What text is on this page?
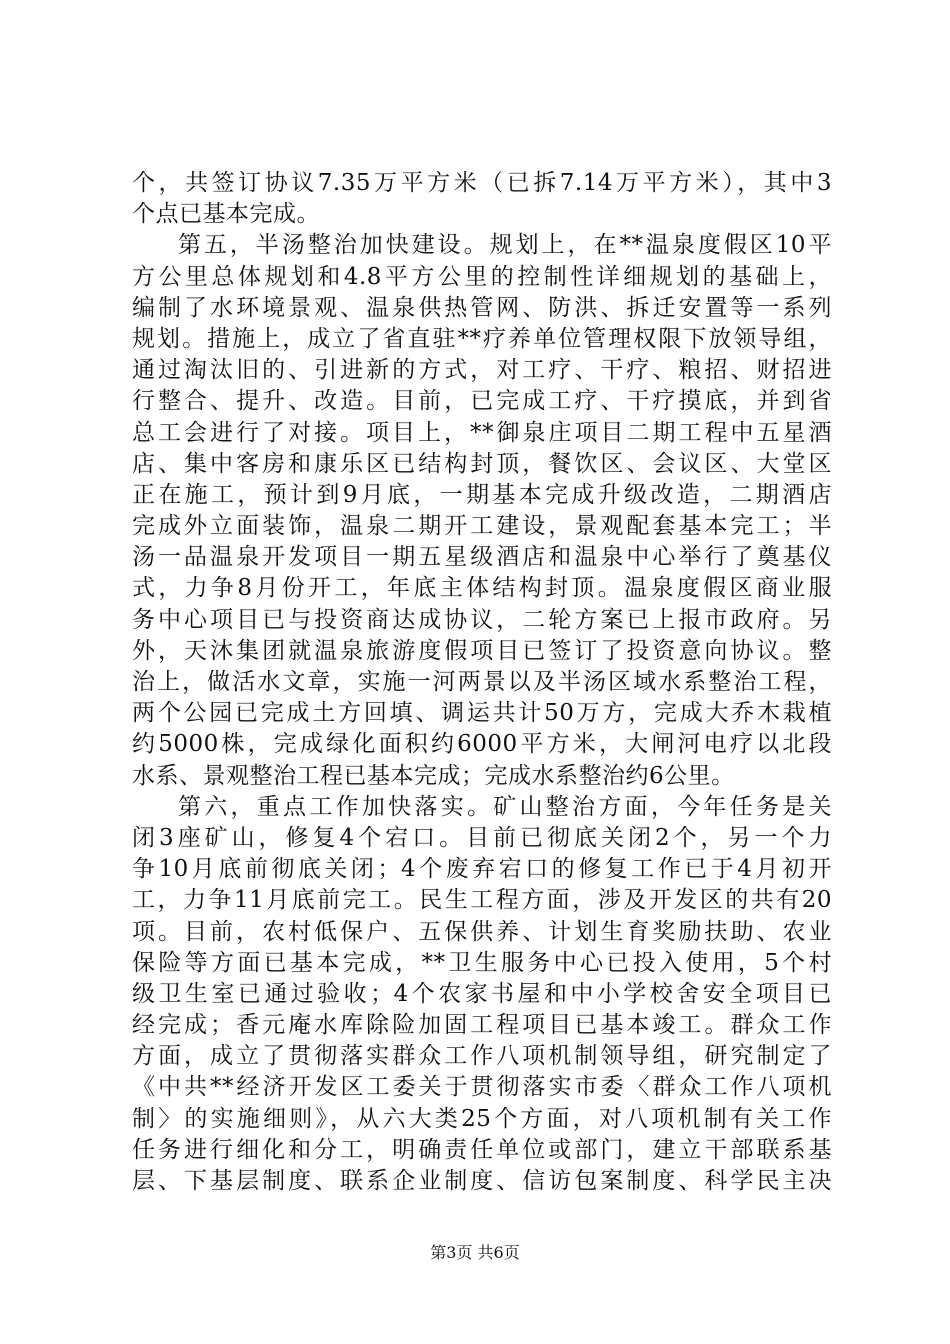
个，共签订协议7.35万平方米（已拆7.14万平方米），其中3
个点已基本完成。
第五，半汤整治加快建设。规划上，在**温泉度假区10平
方公里总体规划和4.8平方公里的控制性详细规划的基础上，
编制了水环境景观、温泉供热管网、防洪、拆迁安置等一系列
规划。措施上，成立了省直驻**疗养单位管理权限下放领导组，
通过淘汰旧的、引进新的方式，对工疗、干疗、粮招、财招进
行整合、提升、改造。目前，已完成工疗、干疗摸底，并到省
总工会进行了对接。项目上，**御泉庄项目二期工程中五星酒
店、集中客房和康乐区已结构封顶，餐饮区、会议区、大堂区
正在施工，预计到9月底，一期基本完成升级改造，二期酒店
完成外立面装饰，温泉二期开工建设，景观配套基本完工；半
汤一品温泉开发项目一期五星级酒店和温泉中心举行了奠基仪
式，力争8月份开工，年底主体结构封顶。温泉度假区商业服
务中心项目已与投资商达成协议，二轮方案已上报市政府。另
外，天沐集团就温泉旅游度假项目已签订了投资意向协议。整
治上，做活水文章，实施一河两景以及半汤区域水系整治工程，
两个公园已完成土方回填、调运共计50万方，完成大乔木栽植
约5000株，完成绿化面积约6000平方米，大闸河电疗以北段
水系、景观整治工程已基本完成；完成水系整治约6公里。
第六，重点工作加快落实。矿山整治方面，今年任务是关
闭3座矿山，修复4个宕口。目前已彻底关闭2个，另一个力
争10月底前彻底关闭；4个废弃宕口的修复工作已于4月初开
工，力争11月底前完工。民生工程方面，涉及开发区的共有20
项。目前，农村低保户、五保供养、计划生育奖励扶助、农业
保险等方面已基本完成，**卫生服务中心已投入使用，5个村
级卫生室已通过验收；4个农家书屋和中小学校舍安全项目已
经完成；香元庵水库除险加固工程项目已基本竣工。群众工作
方面，成立了贯彻落实群众工作八项机制领导组，研究制定了
《中共**经济开发区工委关于贯彻落实市委〈群众工作八项机
制〉的实施细则》，从六大类25个方面，对八项机制有关工作
任务进行细化和分工，明确责任单位或部门，建立干部联系基
层、下基层制度、联系企业制度、信访包案制度、科学民主决
第3页 共6页
